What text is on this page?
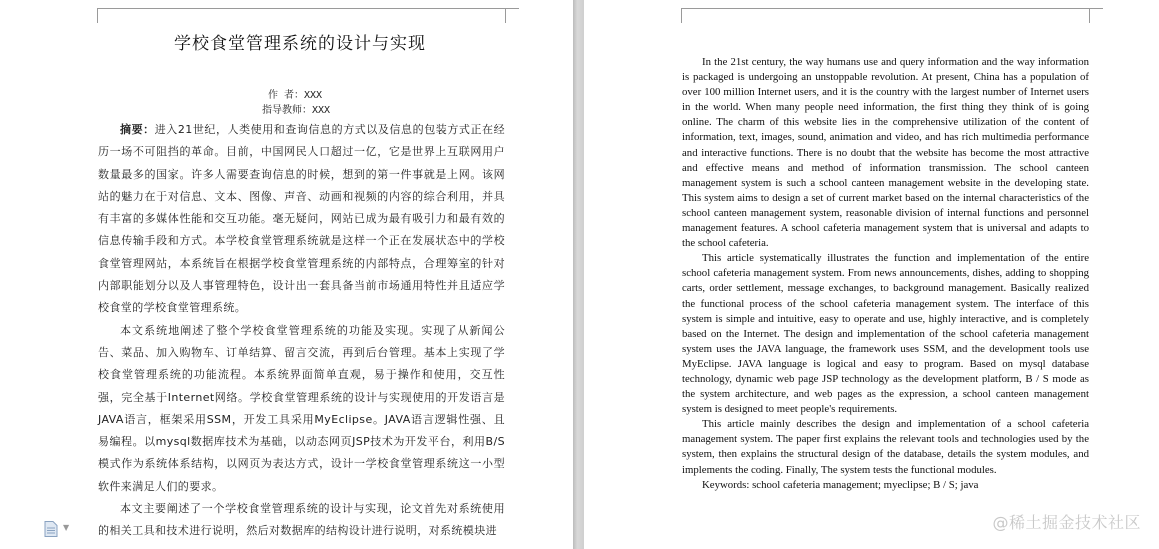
学校食堂管理系统的设计与实现
作 者：XXX
指导教师：XXX

摘要：进入21世纪，人类使用和查询信息的方式以及信息的包装方式正在经历一场不可阻挡的革命。目前，中国网民人口超过一亿，它是世界上互联网用户数量最多的国家。许多人需要查询信息的时候，想到的第一件事就是上网。该网站的魅力在于对信息、文本、图像、声音、动画和视频的内容的综合利用，并具有丰富的多媒体性能和交互功能。毫无疑问，网站已成为最有吸引力和最有效的信息传输手段和方式。本学校食堂管理系统就是这样一个正在发展状态中的学校食堂管理网站，本系统旨在根据学校食堂管理系统的内部特点，合理筹室的针对内部职能划分以及人事管理特色，设计出一套具备当前市场通用特性并且适应学校食堂的学校食堂管理系统。

本文系统地阐述了整个学校食堂管理系统的功能及实现。实现了从新闻公告、菜品、加入购物车、订单结算、留言交流，再到后台管理。基本上实现了学校食堂管理系统的功能流程。本系统界面简单直观，易于操作和使用，交互性强，完全基于Internet网络。学校食堂管理系统的设计与实现使用的开发语言是JAVA语言，框架采用SSM，开发工具采用MyEclipse。JAVA语言逻辑性强、且易编程。以mysql数据库技术为基础，以动态网页JSP技术为开发平台，利用B/S模式作为系统体系结构，以网页为表达方式，设计一学校食堂管理系统这一小型软件来满足人们的要求。

本文主要阐述了一个学校食堂管理系统的设计与实现，论文首先对系统使用的相关工具和技术进行说明，然后对数据库的结构设计进行说明，对系统模块进

▼

In the 21st century, the way humans use and query information and the way information is packaged is undergoing an unstoppable revolution. At present, China has a population of over 100 million Internet users, and it is the country with the largest number of Internet users in the world. When many people need information, the first thing they think of is going online. The charm of this website lies in the comprehensive utilization of the content of information, text, images, sound, animation and video, and has rich multimedia performance and interactive functions. There is no doubt that the website has become the most attractive and effective means and method of information transmission. The school canteen management system is such a school canteen management website in the developing state. This system aims to design a set of current market based on the internal characteristics of the school canteen management system, reasonable division of internal functions and personnel management features. A school cafeteria management system that is universal and adapts to the school cafeteria.

This article systematically illustrates the function and implementation of the entire school cafeteria management system. From news announcements, dishes, adding to shopping carts, order settlement, message exchanges, to background management. Basically realized the functional process of the school cafeteria management system. The interface of this system is simple and intuitive, easy to operate and use, highly interactive, and is completely based on the Internet. The design and implementation of the school cafeteria management system uses the JAVA language, the framework uses SSM, and the development tools use MyEclipse. JAVA language is logical and easy to program. Based on mysql database technology, dynamic web page JSP technology as the development platform, B / S mode as the system architecture, and web pages as the expression, a school canteen management system is designed to meet people's requirements.

This article mainly describes the design and implementation of a school cafeteria management system. The paper first explains the relevant tools and technologies used by the system, then explains the structural design of the database, details the system modules, and implements the coding. Finally, The system tests the functional modules.

Keywords: school cafeteria management; myeclipse; B / S; java

@稀土掘金技术社区
